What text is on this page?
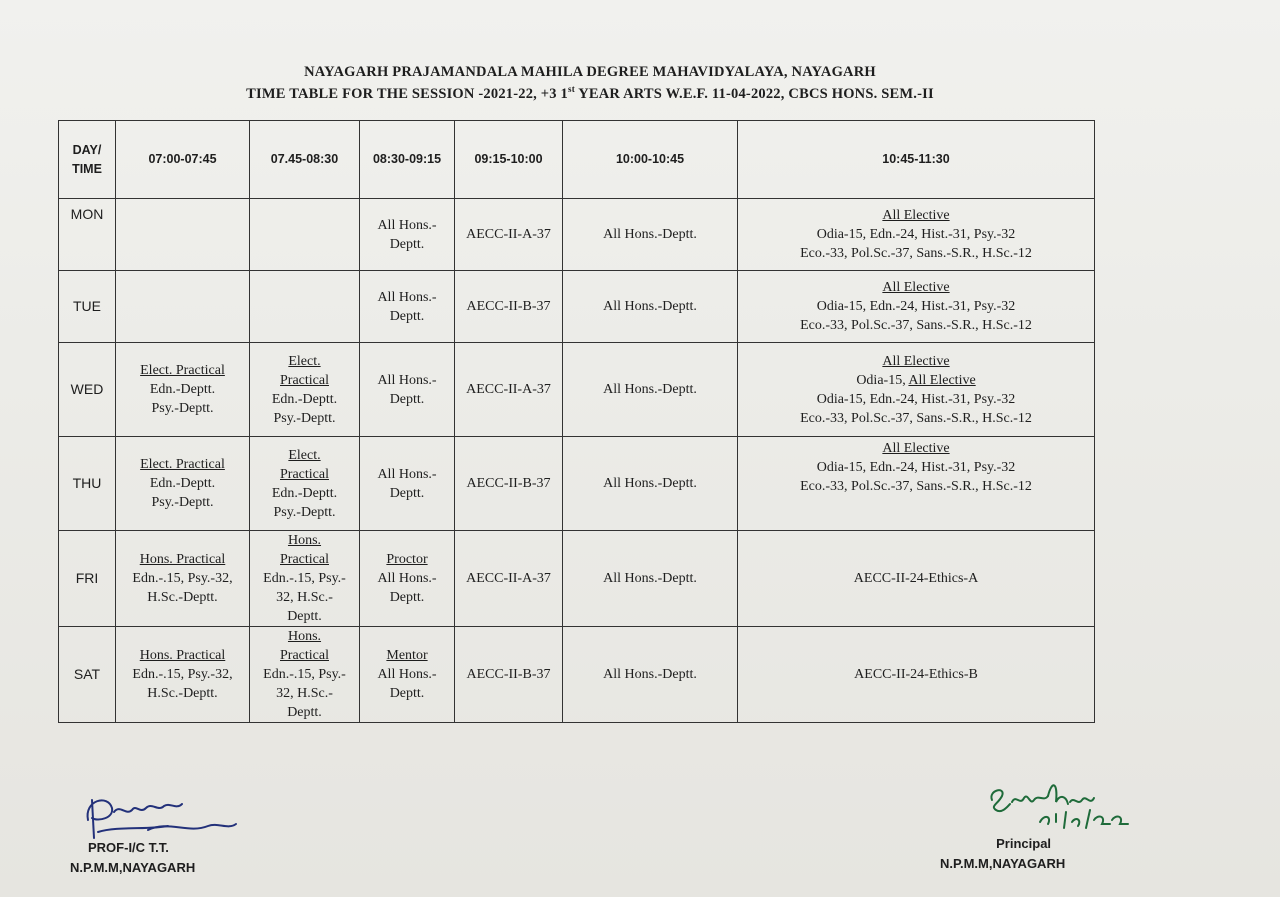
NAYAGARH PRAJAMANDALA MAHILA DEGREE MAHAVIDYALAYA, NAYAGARH
TIME TABLE FOR THE SESSION -2021-22, +3 1st YEAR ARTS W.E.F. 11-04-2022, CBCS HONS. SEM.-II
DAY/
TIME	07:00-07:45	07.45-08:30	08:30-09:15	09:15-10:00	10:00-10:45	10:45-11:30
MON			All Hons.-
Deptt.	AECC-II-A-37	All Hons.-Deptt.	All Elective
Odia-15, Edn.-24, Hist.-31, Psy.-32
Eco.-33, Pol.Sc.-37, Sans.-S.R., H.Sc.-12
TUE			All Hons.-
Deptt.	AECC-II-B-37	All Hons.-Deptt.	All Elective
Odia-15, Edn.-24, Hist.-31, Psy.-32
Eco.-33, Pol.Sc.-37, Sans.-S.R., H.Sc.-12
WED	Elect. Practical
Edn.-Deptt.
Psy.-Deptt.	Elect.
Practical
Edn.-Deptt.
Psy.-Deptt.	All Hons.-
Deptt.	AECC-II-A-37	All Hons.-Deptt.	All Elective
Odia-15, All Elective
Odia-15, Edn.-24, Hist.-31, Psy.-32
Eco.-33, Pol.Sc.-37, Sans.-S.R., H.Sc.-12
THU	Elect. Practical
Edn.-Deptt.
Psy.-Deptt.	Elect.
Practical
Edn.-Deptt.
Psy.-Deptt.	All Hons.-
Deptt.	AECC-II-B-37	All Hons.-Deptt.	All Elective
Odia-15, Edn.-24, Hist.-31, Psy.-32
Eco.-33, Pol.Sc.-37, Sans.-S.R., H.Sc.-12
FRI	Hons. Practical
Edn.-.15, Psy.-32,
H.Sc.-Deptt.	Hons.
Practical
Edn.-.15, Psy.-
32, H.Sc.-
Deptt.	Proctor
All Hons.-
Deptt.	AECC-II-A-37	All Hons.-Deptt.	AECC-II-24-Ethics-A
SAT	Hons. Practical
Edn.-.15, Psy.-32,
H.Sc.-Deptt.	Hons.
Practical
Edn.-.15, Psy.-
32, H.Sc.-
Deptt.	Mentor
All Hons.-
Deptt.	AECC-II-B-37	All Hons.-Deptt.	AECC-II-24-Ethics-B
PROF-I/C T.T.
N.P.M.M,NAYAGARH
Principal
N.P.M.M,NAYAGARH
